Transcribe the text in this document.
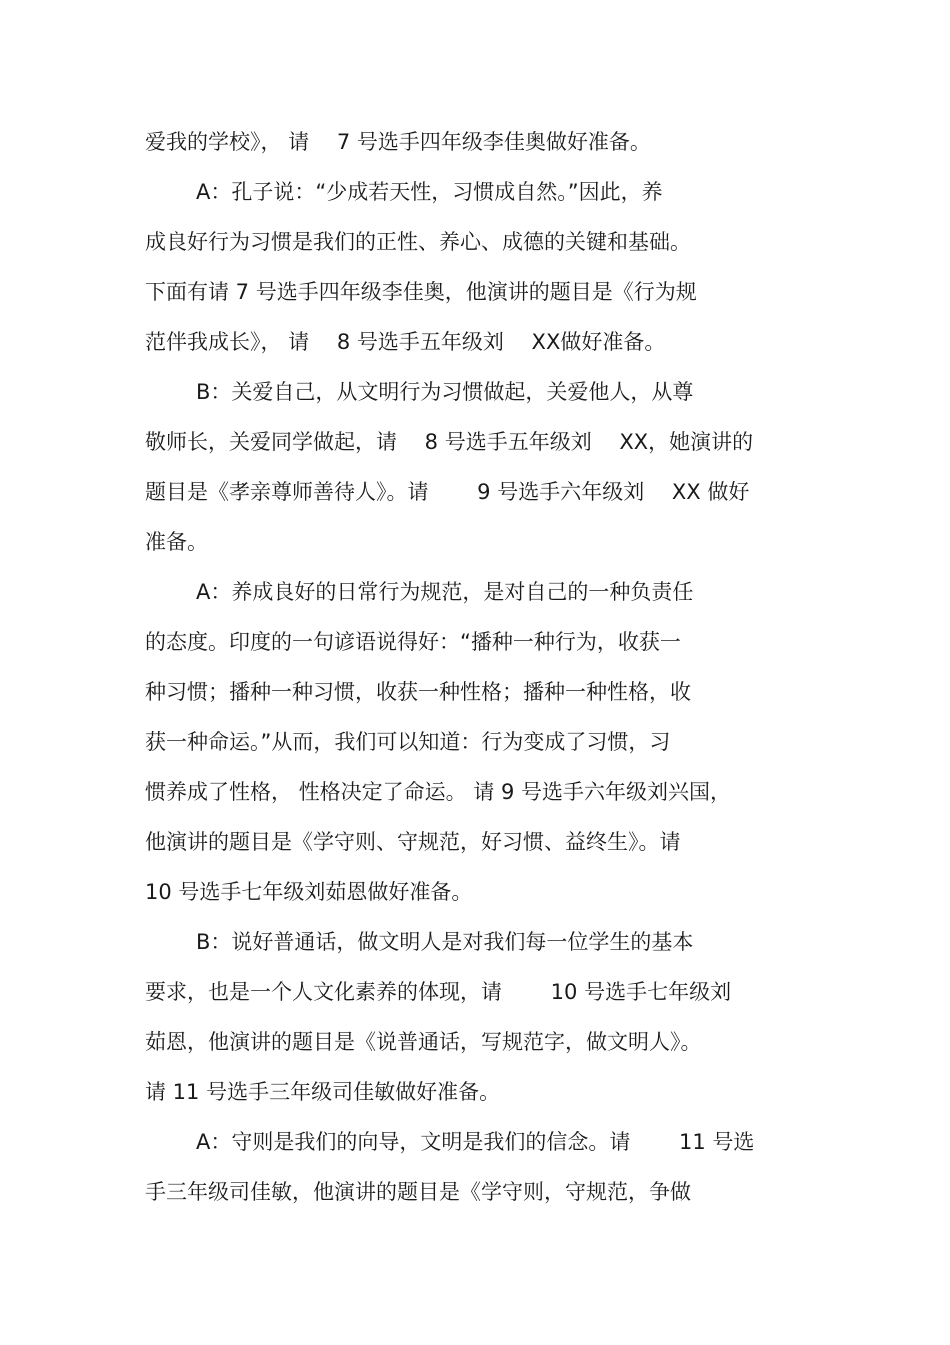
爱我的学校》， 请 　7 号选手四年级李佳奥做好准备。
A：孔子说：“少成若天性，习惯成自然。”因此，养
成良好行为习惯是我们的正性、养心、成德的关键和基础。
下面有请 7 号选手四年级李佳奥，他演讲的题目是《行为规
范伴我成长》， 请 　8 号选手五年级刘 　XX做好准备。
B：关爱自己，从文明行为习惯做起，关爱他人，从尊
敬师长，关爱同学做起，请 　8 号选手五年级刘 　XX，她演讲的
题目是《孝亲尊师善待人》。请 　　9 号选手六年级刘 　XX 做好
准备。
A：养成良好的日常行为规范，是对自己的一种负责任
的态度。印度的一句谚语说得好：“播种一种行为，收获一
种习惯；播种一种习惯，收获一种性格；播种一种性格，收
获一种命运。”从而，我们可以知道：行为变成了习惯，习
惯养成了性格， 性格决定了命运。 请 9 号选手六年级刘兴国，
他演讲的题目是《学守则、守规范，好习惯、益终生》。请
10 号选手七年级刘茹恩做好准备。
B：说好普通话，做文明人是对我们每一位学生的基本
要求，也是一个人文化素养的体现，请 　　10 号选手七年级刘
茹恩，他演讲的题目是《说普通话，写规范字，做文明人》。
请 11 号选手三年级司佳敏做好准备。
A：守则是我们的向导，文明是我们的信念。请 　　11 号选
手三年级司佳敏，他演讲的题目是《学守则，守规范，争做
